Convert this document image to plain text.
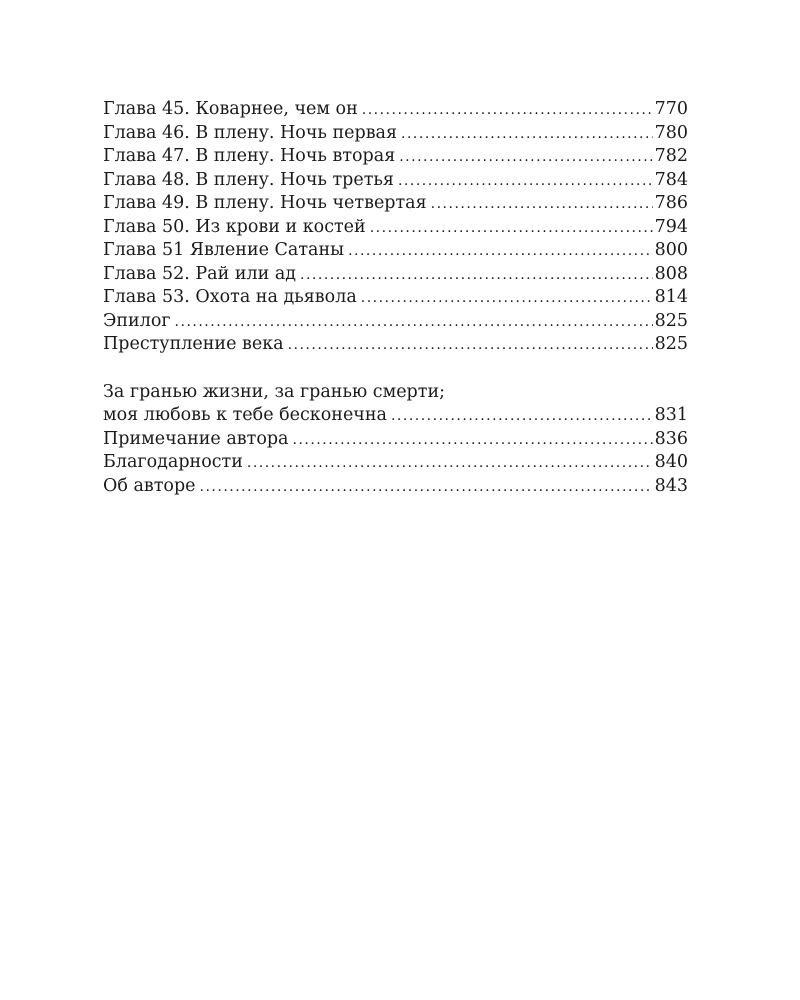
Глава 45. Коварнее, чем он .....	770
Глава 46. В плену. Ночь первая .....	780
Глава 47. В плену. Ночь вторая .....	782
Глава 48. В плену. Ночь третья .....	784
Глава 49. В плену. Ночь четвертая .....	786
Глава 50. Из крови и костей .....	794
Глава 51 Явление Сатаны .....	800
Глава 52. Рай или ад .....	808
Глава 53. Охота на дьявола .....	814
Эпилог .....	825
Преступление века .....	825
За гранью жизни, за гранью смерти;
моя любовь к тебе бесконечна .....	831
Примечание автора .....	836
Благодарности .....	840
Об авторе .....	843
